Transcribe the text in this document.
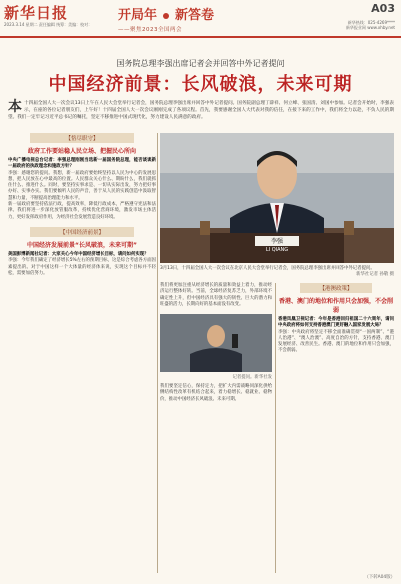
新华日报
2023.3.14 星期二 责任编辑 统筹：美编：校对：
开局年 新答卷
——聚焦2023全国两会
A03
新华热线：025-4269****
新华报业网 www.xhby.net
国务院总理李强出席记者会并回答中外记者提问
中国经济前景：长风破浪，未来可期
本十四届全国人大一次会议13日上午在人民大会堂举行记者会，国务院总理李强出席并回答中外记者提问。国务院副总理丁薛祥、何立峰、张国清、刘国中参加。记者会开始时，李强表示，在座的各位记者朋友们，上午好！十四届全国人大一次会议刚刚完成了各项议程。首先，我要感谢全国人大代表对我的信任，在接下来的工作中，我们将全力以赴，不负人民的期望。我们一定牢记习近平总书记的嘱托，坚定不移推进中国式现代化，努力建设人民满意的政府。
【恪尽职守】
政府工作要站稳人民立场、把握民心所向
中央广播电视总台记者：李强总理刚刚当选新一届国务院总理，能否谈谈新一届政府的执政理念和施政方针？
李强：感谢您的提问。我想，新一届政府要始终坚持以人民为中心的发展思想，把人民放在心中最高的位置。人民群众关心什么、期盼什么，我们就抓住什么、推进什么。同时，要坚持实事求是、一切从实际出发，努力把好事办好、实事办实。我们要倾听人民的声音，善于从人民的实践创造中汲取智慧和力量，不断提高治理能力和水平。
新一届政府要坚持依法行政，提高效率，降低行政成本，严格遵守宪法和法律。我们将进一步深化放管服改革，持续优化营商环境，激发市场主体活力，更好发挥政府作用，为经济社会发展营造良好环境。
【中国经济前景】
中国经济发展前景“长风破浪，未来可期”
美国彭博新闻社记者：大家关心今年中国经济增长目标，请问如何实现？
李强：今年我们确定了经济增长5%左右的预期目标，这是综合考虑各方面因素提出的。对于中国这样一个大体量的经济体来说，实现这个目标并不轻松，需要加倍努力。
李强
LI QIANG
3月13日，十四届全国人大一次会议在北京人民大会堂举行记者会，国务院总理李强出席并回答中外记者提问。
新华社记者 孙敬 摄
我们将更加注重从经济增长的质量和效益上着力，推动经济运行整体好转。当前，全球经济复苏乏力，外部环境不确定性上升，但中国经济具有强大的韧性、巨大的潜力和旺盛的活力，长期向好的基本面没有改变。
记者提问。新华社发
我们要坚定信心，保持定力，把扩大内需战略同深化供给侧结构性改革有机结合起来，着力稳增长、稳就业、稳物价，推动中国经济长风破浪、未来可期。
【港澳政策】
香港、澳门的地位和作用只会加强，不会削弱
香港凤凰卫视记者：今年是香港回归祖国二十六周年，请问中央政府将如何支持香港澳门更好融入国家发展大局？
李强：中央政府将坚定不移全面准确贯彻“一国两制”、“港人治港”、“澳人治澳”、高度自治的方针，支持香港、澳门发展经济、改善民生。香港、澳门的地位和作用只会加强，不会削弱。
（下转A04版）
